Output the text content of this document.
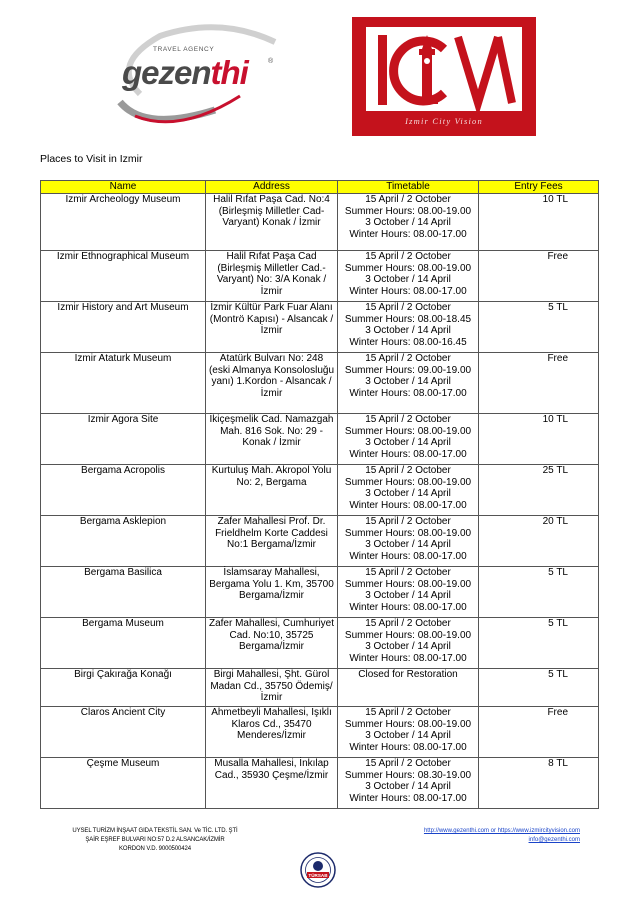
TRAVEL AGENCY
gezenthi	®
Izmir City Vision
Places to Visit in Izmir
Name	Address	Timetable	Entry Fees
Izmir Archeology Museum	Halil Rıfat Paşa Cad. No:4 (Birleşmiş Milletler Cad- Varyant) Konak / İzmir	15 April / 2 October
Summer Hours: 08.00-19.00
3 October / 14 April
Winter Hours: 08.00-17.00	10 TL
Izmir Ethnographical Museum	Halil Rıfat Paşa Cad (Birleşmiş Milletler Cad.- Varyant) No: 3/A Konak / İzmir	15 April / 2 October
Summer Hours: 08.00-19.00
3 October / 14 April
Winter Hours: 08.00-17.00	Free
Izmir History and Art Museum	İzmir Kültür Park Fuar Alanı (Montrö Kapısı) - Alsancak /İzmir	15 April / 2 October
Summer Hours: 08.00-18.45
3 October / 14 April
Winter Hours: 08.00-16.45	5 TL
Izmir Ataturk Museum	Atatürk Bulvarı No: 248 (eski Almanya Konsolosluğu yanı) 1.Kordon - Alsancak / İzmir	15 April / 2 October
Summer Hours: 09.00-19.00
3 October / 14 April
Winter Hours: 08.00-17.00	Free
Izmir Agora Site	İkiçeşmelik Cad. Namazgah Mah. 816 Sok. No: 29 - Konak / İzmir	15 April / 2 October
Summer Hours: 08.00-19.00
3 October / 14 April
Winter Hours: 08.00-17.00	10 TL
Bergama Acropolis	Kurtuluş Mah. Akropol Yolu No: 2, Bergama	15 April / 2 October
Summer Hours: 08.00-19.00
3 October / 14 April
Winter Hours: 08.00-17.00	25 TL
Bergama Asklepion	Zafer Mahallesi Prof. Dr. Frieldhelm Korte Caddesi No:1 Bergama/İzmir	15 April / 2 October
Summer Hours: 08.00-19.00
3 October / 14 April
Winter Hours: 08.00-17.00	20 TL
Bergama Basilica	İslamsaray Mahallesi, Bergama Yolu 1. Km, 35700 Bergama/İzmir	15 April / 2 October
Summer Hours: 08.00-19.00
3 October / 14 April
Winter Hours: 08.00-17.00	5 TL
Bergama Museum	Zafer Mahallesi, Cumhuriyet Cad. No:10, 35725 Bergama/İzmir	15 April / 2 October
Summer Hours: 08.00-19.00
3 October / 14 April
Winter Hours: 08.00-17.00	5 TL
Birgi Çakırağa Konağı	Birgi Mahallesi, Şht. Gürol Madan Cd., 35750 Ödemiş/İzmir	Closed for Restoration	5 TL
Claros Ancient City	Ahmetbeyli Mahallesi, Işıklı Klaros Cd., 35470 Menderes/İzmir	15 April / 2 October
Summer Hours: 08.00-19.00
3 October / 14 April
Winter Hours: 08.00-17.00	Free
Çeşme Museum	Musalla Mahallesi, İnkılap Cad., 35930 Çeşme/İzmir	15 April / 2 October
Summer Hours: 08.30-19.00
3 October / 14 April
Winter Hours: 08.00-17.00	8 TL
UYSEL TURİZM İNŞAAT GIDA TEKSTİL SAN. Ve TİC. LTD. ŞTİ
ŞAİR EŞREF BULVARI NO:57 D.2 ALSANCAK/İZMİR
KORDON V.D. 9000500424
http://www.gezenthi.com or https://www.izmircityvision.com
info@gezenthi.com
TÜRSAB
